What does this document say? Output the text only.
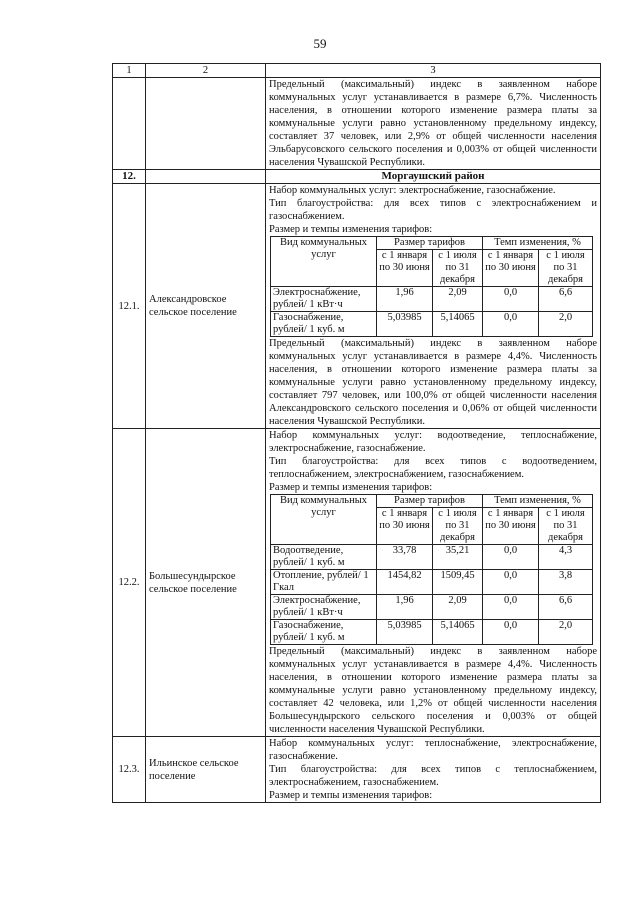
59
1	2	3
		Предельный (максимальный) индекс в заявленном наборе коммунальных услуг устанавливается в размере 6,7%. Численность населения, в отношении которого изменение размера платы за коммунальные услуги равно установленному предельному индексу, составляет 37 человек, или 2,9% от общей численности населения Эльбарусовского сельского поселения и 0,003% от общей численности населения Чувашской Республики.
12.		Моргаушский район
12.1.	Александровское сельское поселение	

Набор коммунальных услуг: электроснабжение, газоснабжение.

Тип благоустройства: для всех типов с электроснабжением и газоснабжением.

Размер и темпы изменения тарифов:

Вид коммунальных услуг	Размер тарифов	Темп изменения, %
с 1 января по 30 июня	с 1 июля по 31 декабря	с 1 января по 30 июня	с 1 июля по 31 декабря
Электроснабжение, рублей/ 1 кВт·ч	1,96	2,09	0,0	6,6
Газоснабжение, рублей/ 1 куб. м	5,03985	5,14065	0,0	2,0

Предельный (максимальный) индекс в заявленном наборе коммунальных услуг устанавливается в размере 4,4%. Численность населения, в отношении которого изменение размера платы за коммунальные услуги равно установленному предельному индексу, составляет 797 человек, или 100,0% от общей численности населения Александровского сельского поселения и 0,06% от общей численности населения Чувашской Республики.

12.2.	Большесундырское сельское поселение	

Набор коммунальных услуг: водоотведение, теплоснабжение, электроснабжение, газоснабжение.

Тип благоустройства: для всех типов с водоотведением, теплоснабжением, электроснабжением, газоснабжением.

Размер и темпы изменения тарифов:

Вид коммунальных услуг	Размер тарифов	Темп изменения, %
с 1 января по 30 июня	с 1 июля по 31 декабря	с 1 января по 30 июня	с 1 июля по 31 декабря
Водоотведение, рублей/ 1 куб. м	33,78	35,21	0,0	4,3
Отопление, рублей/ 1 Гкал	1454,82	1509,45	0,0	3,8
Электроснабжение, рублей/ 1 кВт·ч	1,96	2,09	0,0	6,6
Газоснабжение, рублей/ 1 куб. м	5,03985	5,14065	0,0	2,0

Предельный (максимальный) индекс в заявленном наборе коммунальных услуг устанавливается в размере 4,4%. Численность населения, в отношении которого изменение размера платы за коммунальные услуги равно установленному предельному индексу, составляет 42 человека, или 1,2% от общей численности населения Большесундырского сельского поселения и 0,003% от общей численности населения Чувашской Республики.

12.3.	Ильинское сельское поселение	

Набор коммунальных услуг: теплоснабжение, электроснабжение, газоснабжение.

Тип благоустройства: для всех типов с теплоснабжением, электроснабжением, газоснабжением.

Размер и темпы изменения тарифов:
